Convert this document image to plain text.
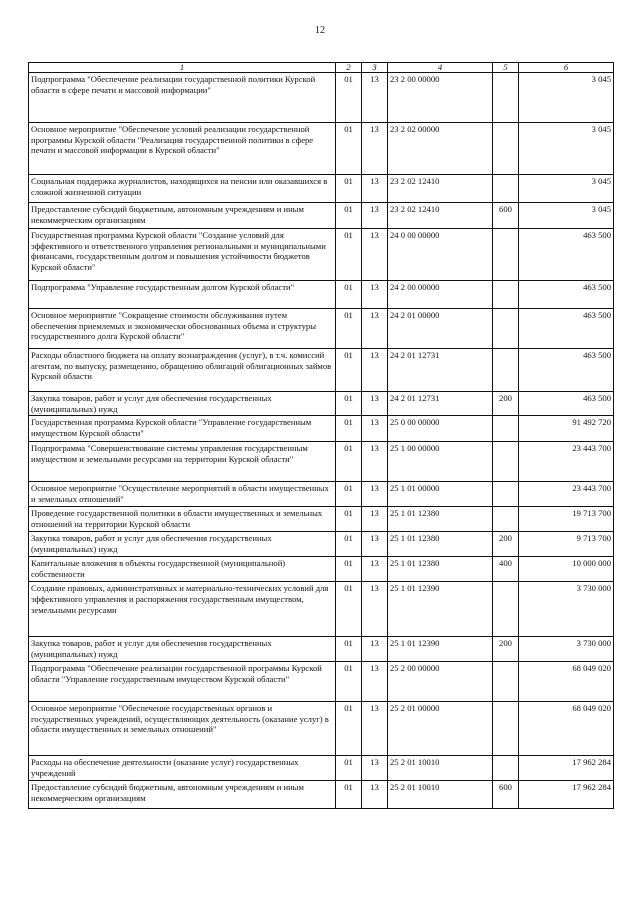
12
1	2	3	4	5	6
Подпрограмма "Обеспечение реализации государственной политики Курской области в сфере печати и массовой информации"	01	13	23 2 00 00000		3 045
Основное мероприятие "Обеспечение условий реализации государственной программы Курской области "Реализация государственной политики в сфере печати и массовой информации в Курской области"	01	13	23 2 02 00000		3 045
Социальная поддержка журналистов, находящихся на пенсии или оказавшихся в сложной жизненной ситуации	01	13	23 2 02 12410		3 045
Предоставление субсидий бюджетным, автономным учреждениям и иным некоммерческим организациям	01	13	23 2 02 12410	600	3 045
Государственная программа Курской области "Создание условий для эффективного и ответственного управления региональными и муниципальными финансами, государственным долгом и повышения устойчивости бюджетов Курской области"	01	13	24 0 00 00000		463 500
Подпрограмма "Управление государственным долгом Курской области"	01	13	24 2 00 00000		463 500
Основное мероприятие "Сокращение стоимости обслуживания путем обеспечения приемлемых и экономически обоснованных объема и структуры государственного долга Курской области"	01	13	24 2 01 00000		463 500
Расходы областного бюджета на оплату вознаграждения (услуг), в т.ч. комиссий агентам, по выпуску, размещению, обращению облигаций облигационных займов Курской области	01	13	24 2 01 12731		463 500
Закупка товаров, работ и услуг для обеспечения государственных (муниципальных) нужд	01	13	24 2 01 12731	200	463 500
Государственная программа Курской области "Управление государственным имуществом Курской области"	01	13	25 0 00 00000		91 492 720
Подпрограмма "Совершенствование системы управления государственным имуществом и земельными ресурсами на территории Курской области"	01	13	25 1 00 00000		23 443 700
Основное мероприятие "Осуществление мероприятий в области имущественных и земельных отношений"	01	13	25 1 01 00000		23 443 700
Проведение государственной политики в области имущественных и земельных отношений на территории Курской области	01	13	25 1 01 12380		19 713 700
Закупка товаров, работ и услуг для обеспечения государственных (муниципальных) нужд	01	13	25 1 01 12380	200	9 713 700
Капитальные вложения в объекты государственной (муниципальной) собственности	01	13	25 1 01 12380	400	10 000 000
Создание правовых, административных и материально-технических условий для эффективного управления и распоряжения государственным имуществом, земельными ресурсами	01	13	25 1 01 12390		3 730 000
Закупка товаров, работ и услуг для обеспечения государственных (муниципальных) нужд	01	13	25 1 01 12390	200	3 730 000
Подпрограмма "Обеспечение реализации государственной программы Курской области "Управление государственным имуществом Курской области"	01	13	25 2 00 00000		68 049 020
Основное мероприятие "Обеспечение государственных органов и государственных учреждений, осуществляющих деятельность (оказание услуг) в области имущественных и земельных отношений"	01	13	25 2 01 00000		68 049 020
Расходы на обеспечение деятельности (оказание услуг) государственных учреждений	01	13	25 2 01 10010		17 962 284
Предоставление субсидий бюджетным, автономным учреждениям и иным некоммерческим организациям	01	13	25 2 01 10010	600	17 962 284
